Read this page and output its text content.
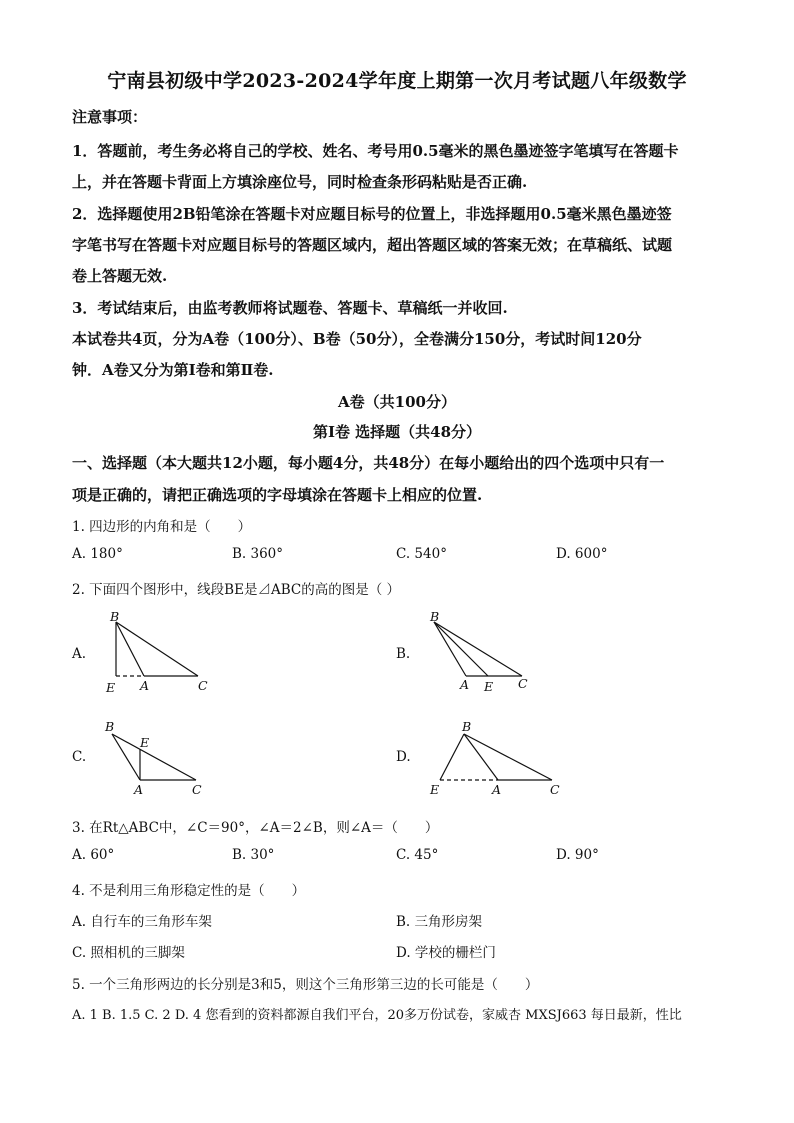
宁南县初级中学2023-2024学年度上期第一次月考试题八年级数学
注意事项：
1．答题前，考生务必将自己的学校、姓名、考号用0.5毫米的黑色墨迹签字笔填写在答题卡
上，并在答题卡背面上方填涂座位号，同时检查条形码粘贴是否正确.
2．选择题使用2B铅笔涂在答题卡对应题目标号的位置上，非选择题用0.5毫米黑色墨迹签
字笔书写在答题卡对应题目标号的答题区域内，超出答题区域的答案无效；在草稿纸、试题
卷上答题无效.
3．考试结束后，由监考教师将试题卷、答题卡、草稿纸一并收回.
本试卷共4页，分为A卷（100分）、B卷（50分），全卷满分150分，考试时间120分
钟．A卷又分为第Ⅰ卷和第Ⅱ卷.
A卷（共100分）
第Ⅰ卷 选择题（共48分）
一、选择题（本大题共12小题，每小题4分，共48分）在每小题给出的四个选项中只有一
项是正确的，请把正确选项的字母填涂在答题卡上相应的位置.
1. 四边形的内角和是（　　）
A. 180°	B. 360°	C. 540°	D. 600°
2. 下面四个图形中，线段BE是⊿ABC的高的图是（ ）
A.
B
E A	C
B.
B
A E C
C.
B
E
A	C
D.
B
E	A	C
3. 在Rt△ABC中，∠C＝90°，∠A＝2∠B，则∠A＝（　　）
A. 60°	B. 30°	C. 45°	D. 90°
4. 不是利用三角形稳定性的是（　　）
A. 自行车的三角形车架	B. 三角形房架
C. 照相机的三脚架	D. 学校的栅栏门
5. 一个三角形两边的长分别是3和5，则这个三角形第三边的长可能是（　　）
A. 1 B. 1.5 C. 2 D. 4 您看到的资料都源自我们平台，20多万份试卷，家威杏 MXSJ663 每日最新，性比
